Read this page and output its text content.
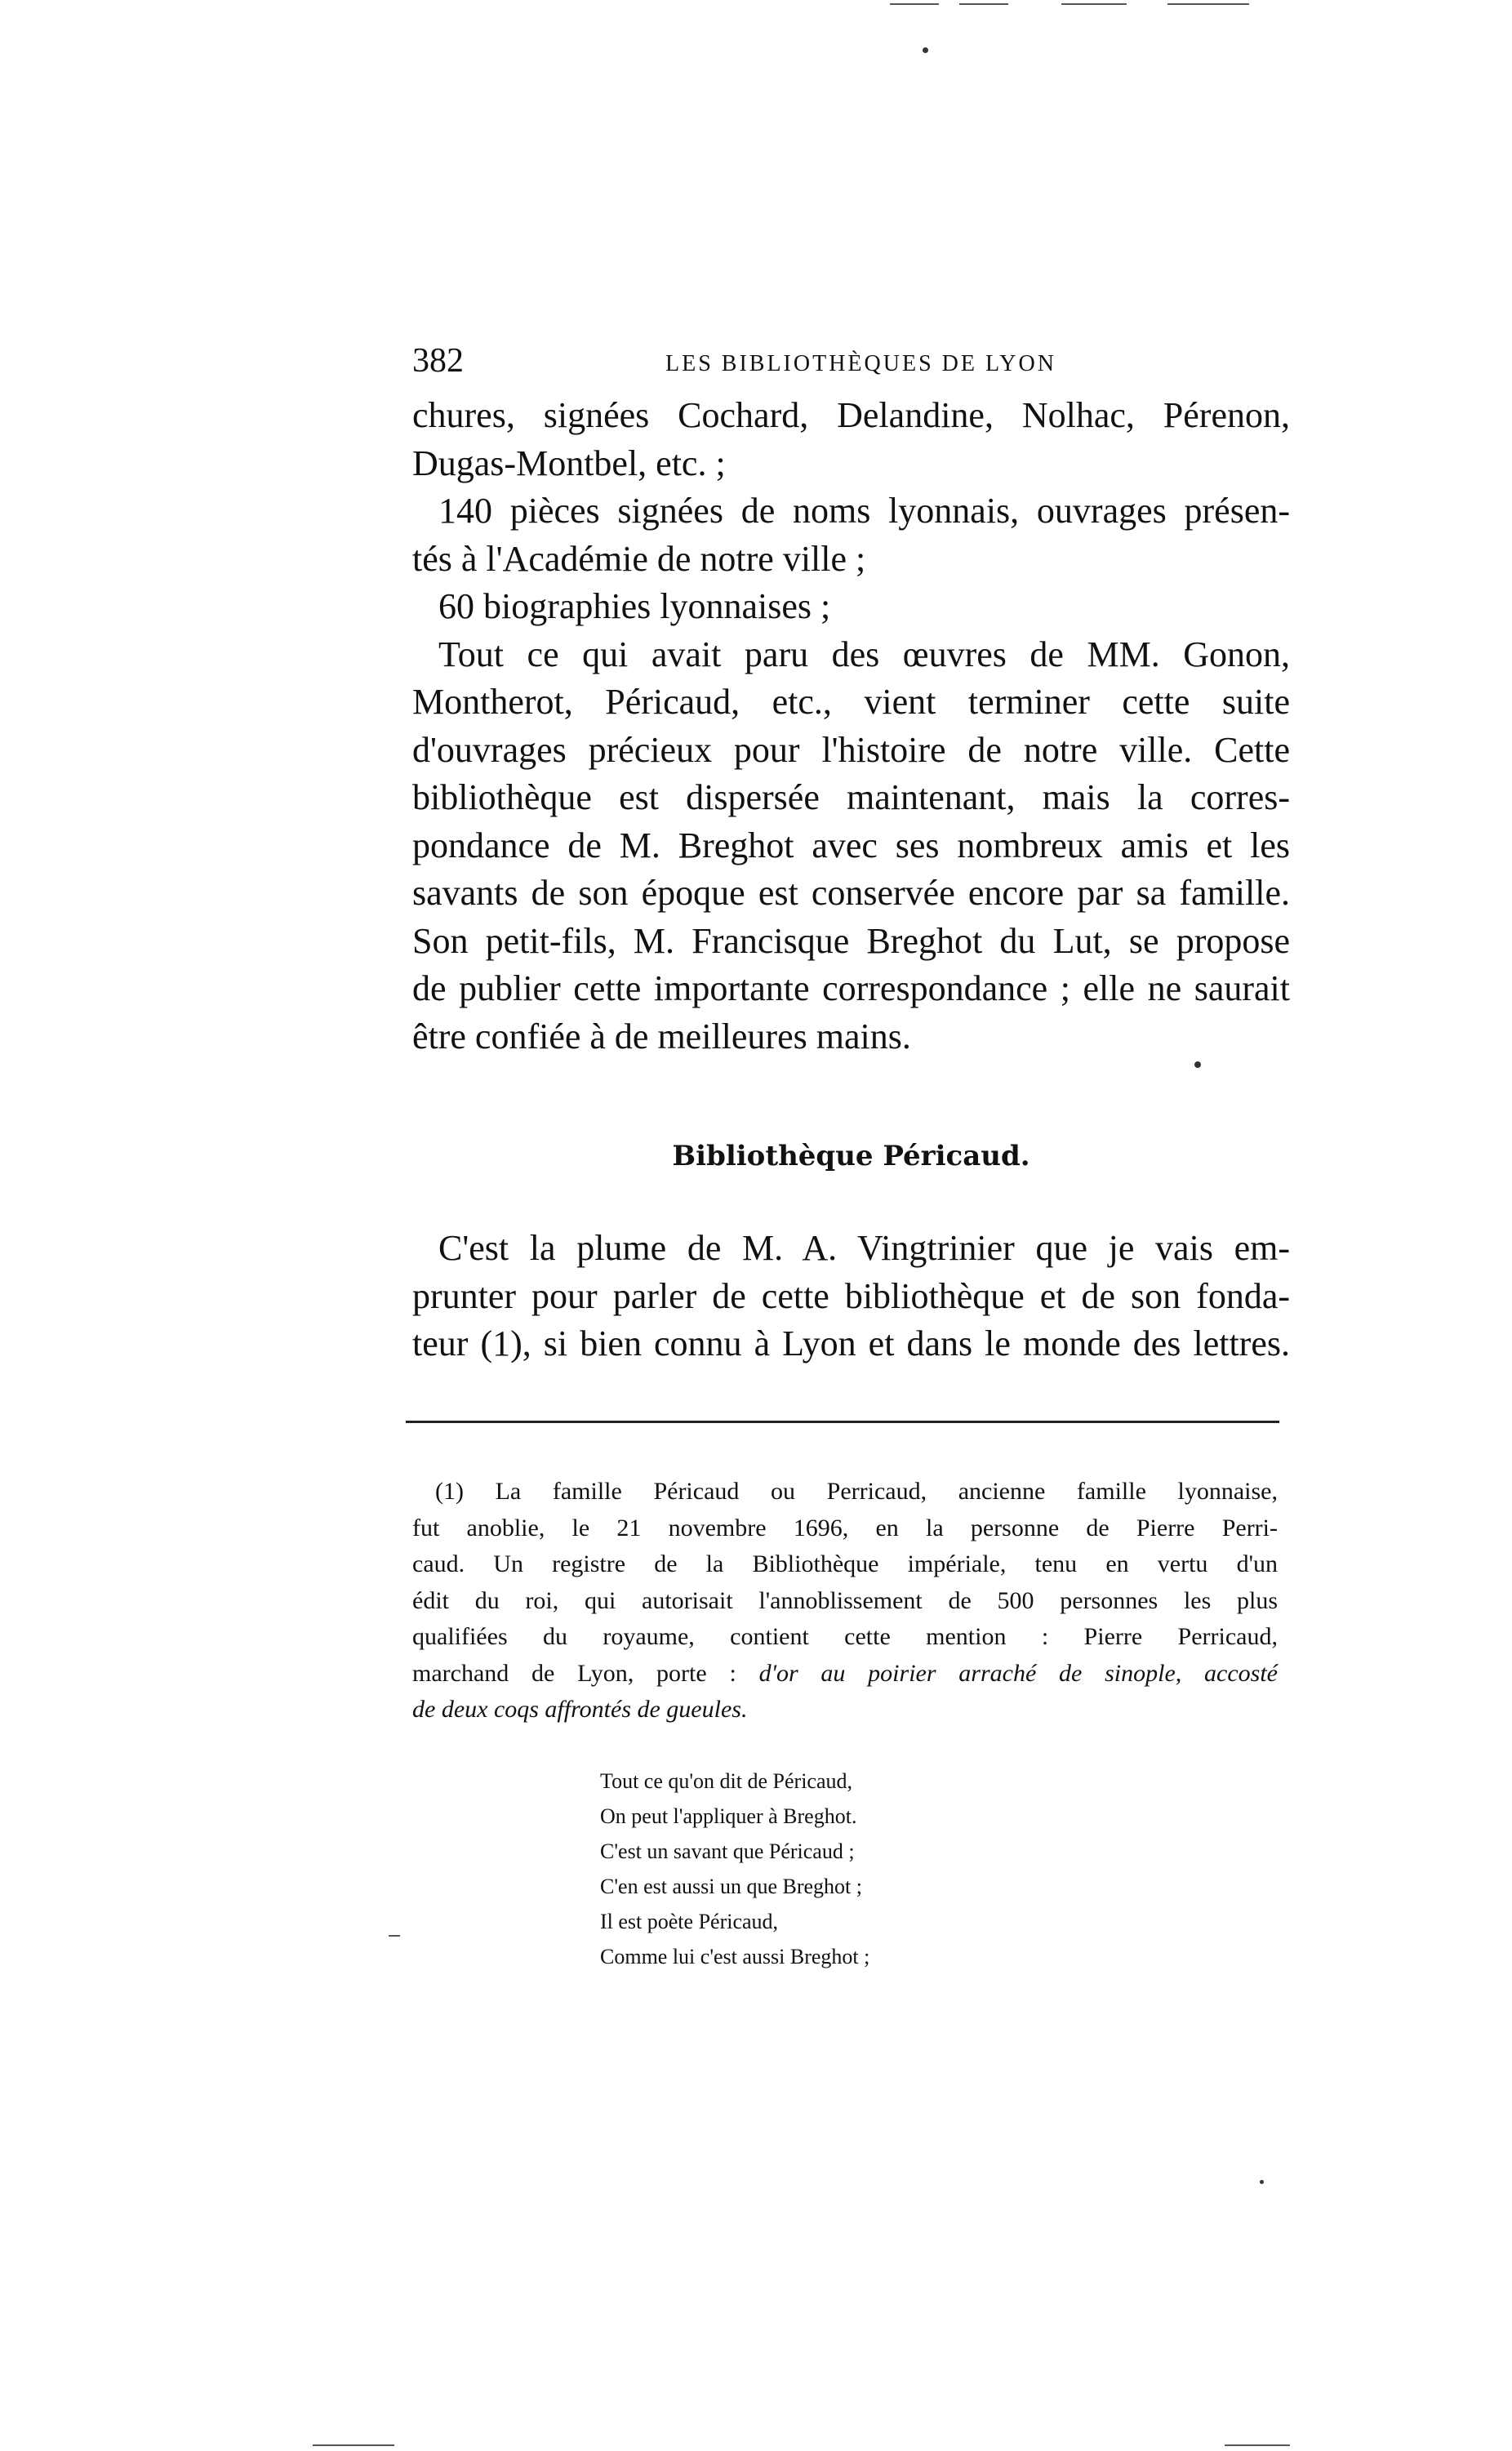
382	LES BIBLIOTHÈQUES DE LYON
chures, signées Cochard, Delandine, Nolhac, Pérenon,
Dugas-Montbel, etc. ;
140 pièces signées de noms lyonnais, ouvrages présen-
tés à l'Académie de notre ville ;
60 biographies lyonnaises ;
Tout ce qui avait paru des œuvres de MM. Gonon,
Montherot, Péricaud, etc., vient terminer cette suite
d'ouvrages précieux pour l'histoire de notre ville. Cette
bibliothèque est dispersée maintenant, mais la corres-
pondance de M. Breghot avec ses nombreux amis et les
savants de son époque est conservée encore par sa famille.
Son petit-fils, M. Francisque Breghot du Lut, se propose
de publier cette importante correspondance ; elle ne saurait
être confiée à de meilleures mains.
Bibliothèque Péricaud.
C'est la plume de M. A. Vingtrinier que je vais em-
prunter pour parler de cette bibliothèque et de son fonda-
teur (1), si bien connu à Lyon et dans le monde des lettres.
(1) La famille Péricaud ou Perricaud, ancienne famille lyonnaise,
fut anoblie, le 21 novembre 1696, en la personne de Pierre Perri-
caud. Un registre de la Bibliothèque impériale, tenu en vertu d'un
édit du roi, qui autorisait l'annoblissement de 500 personnes les plus
qualifiées du royaume, contient cette mention : Pierre Perricaud,
marchand de Lyon, porte : d'or au poirier arraché de sinople, accosté
de deux coqs affrontés de gueules.
Tout ce qu'on dit de Péricaud,
On peut l'appliquer à Breghot.
C'est un savant que Péricaud ;
C'en est aussi un que Breghot ;
Il est poète Péricaud,
Comme lui c'est aussi Breghot ;
